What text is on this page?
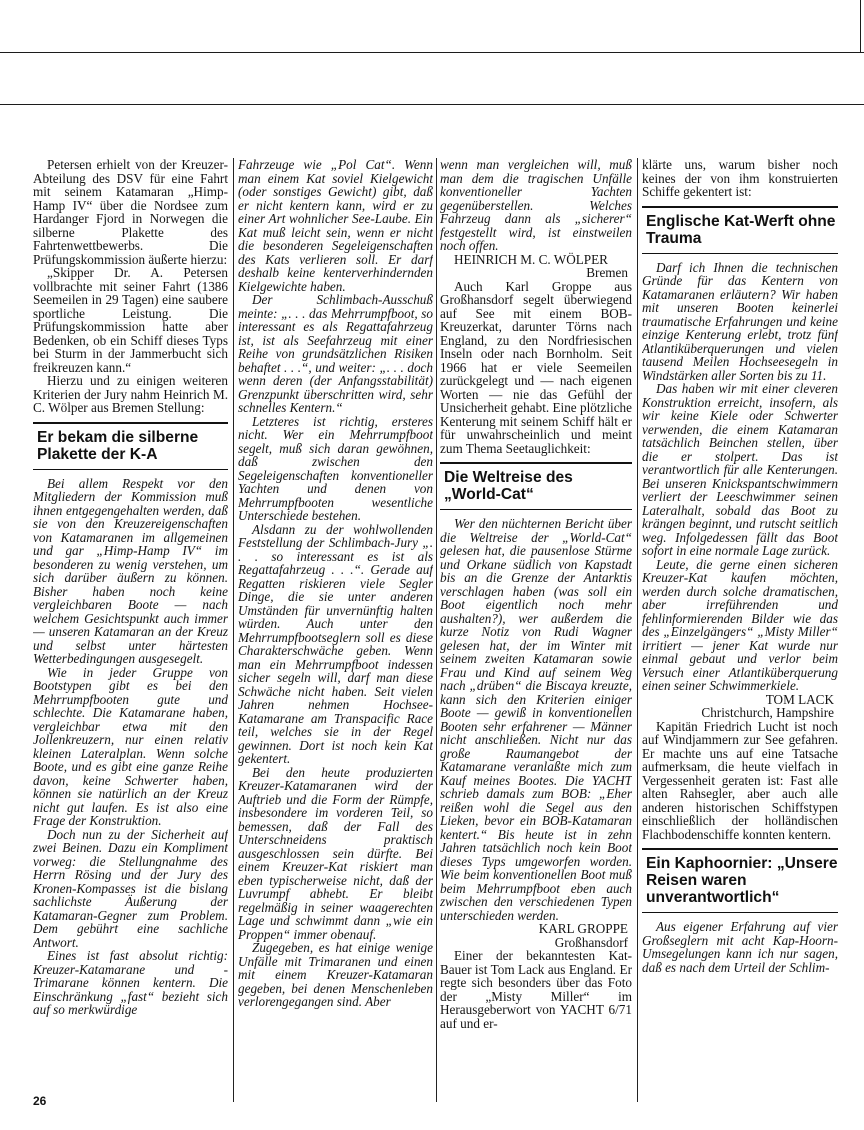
Petersen erhielt von der Kreuzer-Abteilung des DSV für eine Fahrt mit seinem Katamaran „Himp-Hamp IV“ über die Nordsee zum Hardanger Fjord in Norwegen die silberne Plakette des Fahrtenwettbewerbs. Die Prüfungskommission äußerte hierzu:

„Skipper Dr. A. Petersen vollbrachte mit seiner Fahrt (1386 Seemeilen in 29 Tagen) eine saubere sportliche Leistung. Die Prüfungskommission hatte aber Bedenken, ob ein Schiff dieses Typs bei Sturm in der Jammerbucht sich freikreuzen kann.“

Hierzu und zu einigen weiteren Kriterien der Jury nahm Heinrich M. C. Wölper aus Bremen Stellung:

Er bekam die silberne Plakette der K-A

Bei allem Respekt vor den Mitgliedern der Kommission muß ihnen entgegengehalten werden, daß sie von den Kreuzereigenschaften von Katamaranen im allgemeinen und gar „Himp-Hamp IV“ im besonderen zu wenig verstehen, um sich darüber äußern zu können. Bisher haben noch keine vergleichbaren Boote — nach welchem Gesichtspunkt auch immer — unseren Katamaran an der Kreuz und selbst unter härtesten Wetterbedingungen ausgesegelt.

Wie in jeder Gruppe von Bootstypen gibt es bei den Mehrrumpfbooten gute und schlechte. Die Katamarane haben, vergleichbar etwa mit den Jollenkreuzern, nur einen relativ kleinen Lateralplan. Wenn solche Boote, und es gibt eine ganze Reihe davon, keine Schwerter haben, können sie natürlich an der Kreuz nicht gut laufen. Es ist also eine Frage der Konstruktion.

Doch nun zu der Sicherheit auf zwei Beinen. Dazu ein Kompliment vorweg: die Stellungnahme des Herrn Rösing und der Jury des Kronen-Kompasses ist die bislang sachlichste Äußerung der Katamaran-Gegner zum Problem. Dem gebührt eine sachliche Antwort.

Eines ist fast absolut richtig: Kreuzer-Katamarane und -Trimarane können kentern. Die Einschränkung „fast“ bezieht sich auf so merkwürdige

Fahrzeuge wie „Pol Cat“. Wenn man einem Kat soviel Kielgewicht (oder sonstiges Gewicht) gibt, daß er nicht kentern kann, wird er zu einer Art wohnlicher See-Laube. Ein Kat muß leicht sein, wenn er nicht die besonderen Segeleigenschaften des Kats verlieren soll. Er darf deshalb keine kenterverhindernden Kielgewichte haben.

Der Schlimbach-Ausschuß meinte: „. . . das Mehrrumpfboot, so interessant es als Regattafahrzeug ist, ist als Seefahrzeug mit einer Reihe von grundsätzlichen Risiken behaftet . . .“, und weiter: „. . . doch wenn deren (der Anfangsstabilität) Grenzpunkt überschritten wird, sehr schnelles Kentern.“

Letzteres ist richtig, ersteres nicht. Wer ein Mehrrumpfboot segelt, muß sich daran gewöhnen, daß zwischen den Segeleigenschaften konventioneller Yachten und denen von Mehrrumpfbooten wesentliche Unterschiede bestehen.

Alsdann zu der wohlwollenden Feststellung der Schlimbach-Jury „. . . so interessant es ist als Regattafahrzeug . . .“. Gerade auf Regatten riskieren viele Segler Dinge, die sie unter anderen Umständen für unvernünftig halten würden. Auch unter den Mehrrumpfbootseglern soll es diese Charakterschwäche geben. Wenn man ein Mehrrumpfboot indessen sicher segeln will, darf man diese Schwäche nicht haben. Seit vielen Jahren nehmen Hochsee-Katamarane am Transpacific Race teil, welches sie in der Regel gewinnen. Dort ist noch kein Kat gekentert.

Bei den heute produzierten Kreuzer-Katamaranen wird der Auftrieb und die Form der Rümpfe, insbesondere im vorderen Teil, so bemessen, daß der Fall des Unterschneidens praktisch ausgeschlossen sein dürfte. Bei einem Kreuzer-Kat riskiert man eben typischerweise nicht, daß der Luvrumpf abhebt. Er bleibt regelmäßig in seiner waagerechten Lage und schwimmt dann „wie ein Proppen“ immer obenauf.

Zugegeben, es hat einige wenige Unfälle mit Trimaranen und einen mit einem Kreuzer-Katamaran gegeben, bei denen Menschenleben verlorengegangen sind. Aber

wenn man vergleichen will, muß man dem die tragischen Unfälle konventioneller Yachten gegenüberstellen. Welches Fahrzeug dann als „sicherer“ festgestellt wird, ist einstweilen noch offen.

HEINRICH M. C. WÖLPER

Bremen

Auch Karl Groppe aus Großhansdorf segelt überwiegend auf See mit einem BOB-Kreuzerkat, darunter Törns nach England, zu den Nordfriesischen Inseln oder nach Bornholm. Seit 1966 hat er viele Seemeilen zurückgelegt und — nach eigenen Worten — nie das Gefühl der Unsicherheit gehabt. Eine plötzliche Kenterung mit seinem Schiff hält er für unwahrscheinlich und meint zum Thema Seetauglichkeit:

Die Weltreise des „World-Cat“

Wer den nüchternen Bericht über die Weltreise der „World-Cat“ gelesen hat, die pausenlose Stürme und Orkane südlich von Kapstadt bis an die Grenze der Antarktis verschlagen haben (was soll ein Boot eigentlich noch mehr aushalten?), wer außerdem die kurze Notiz von Rudi Wagner gelesen hat, der im Winter mit seinem zweiten Katamaran sowie Frau und Kind auf seinem Weg nach „drüben“ die Biscaya kreuzte, kann sich den Kriterien einiger Boote — gewiß in konventionellen Booten sehr erfahrener — Männer nicht anschließen. Nicht nur das große Raumangebot der Katamarane veranlaßte mich zum Kauf meines Bootes. Die YACHT schrieb damals zum BOB: „Eher reißen wohl die Segel aus den Lieken, bevor ein BOB-Katamaran kentert.“ Bis heute ist in zehn Jahren tatsächlich noch kein Boot dieses Typs umgeworfen worden. Wie beim konventionellen Boot muß beim Mehrrumpfboot eben auch zwischen den verschiedenen Typen unterschieden werden.

KARL GROPPE

Großhansdorf

Einer der bekanntesten Kat-Bauer ist Tom Lack aus England. Er regte sich besonders über das Foto der „Misty Miller“ im Herausgeberwort von YACHT 6/71 auf und er-

klärte uns, warum bisher noch keines der von ihm konstruierten Schiffe gekentert ist:

Englische Kat-Werft ohne Trauma

Darf ich Ihnen die technischen Gründe für das Kentern von Katamaranen erläutern? Wir haben mit unseren Booten keinerlei traumatische Erfahrungen und keine einzige Kenterung erlebt, trotz fünf Atlantiküberquerungen und vielen tausend Meilen Hochseesegeln in Windstärken aller Sorten bis zu 11.

Das haben wir mit einer cleveren Konstruktion erreicht, insofern, als wir keine Kiele oder Schwerter verwenden, die einem Katamaran tatsächlich Beinchen stellen, über die er stolpert. Das ist verantwortlich für alle Kenterungen. Bei unseren Knickspantschwimmern verliert der Leeschwimmer seinen Lateralhalt, sobald das Boot zu krängen beginnt, und rutscht seitlich weg. Infolgedessen fällt das Boot sofort in eine normale Lage zurück.

Leute, die gerne einen sicheren Kreuzer-Kat kaufen möchten, werden durch solche dramatischen, aber irreführenden und fehlinformierenden Bilder wie das des „Einzelgängers“ „Misty Miller“ irritiert — jener Kat wurde nur einmal gebaut und verlor beim Versuch einer Atlantiküberquerung einen seiner Schwimmerkiele.

TOM LACK

Christchurch, Hampshire

Kapitän Friedrich Lucht ist noch auf Windjammern zur See gefahren. Er machte uns auf eine Tatsache aufmerksam, die heute vielfach in Vergessenheit geraten ist: Fast alle alten Rahsegler, aber auch alle anderen historischen Schiffstypen einschließlich der holländischen Flachbodenschiffe konnten kentern.

Ein Kaphoornier: „Unsere Reisen waren unverantwortlich“

Aus eigener Erfahrung auf vier Großseglern mit acht Kap-Hoorn-Umsegelungen kann ich nur sagen, daß es nach dem Urteil der Schlim-

26
